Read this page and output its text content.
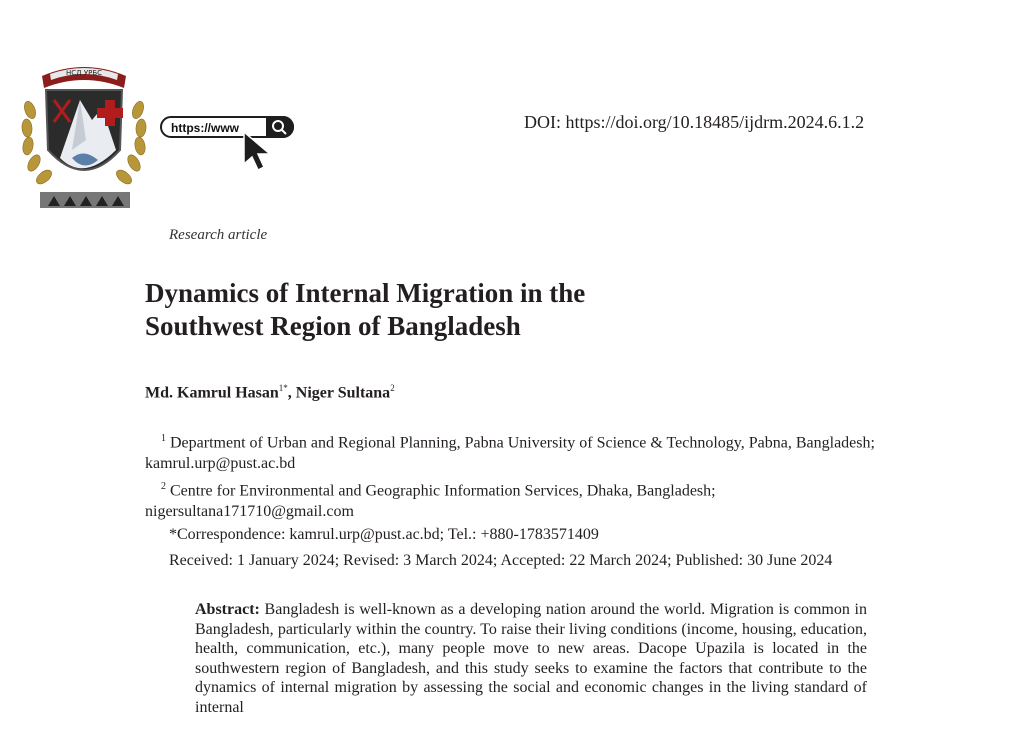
НСД УРБС
https://www	DOI: https://doi.org/10.18485/ijdrm.2024.6.1.2
Research article
Dynamics of Internal Migration in the
Southwest Region of Bangladesh
Md. Kamrul Hasan$^{1*}$, Niger Sultana$^2$
$^1$ Department of Urban and Regional Planning, Pabna University of Science & Technology, Pabna, Bangladesh; kamrul.urp@pust.ac.bd
$^2$ Centre for Environmental and Geographic Information Services, Dhaka, Bangladesh; nigersultana171710@gmail.com
*Correspondence: kamrul.urp@pust.ac.bd; Tel.: +880-1783571409
Received: 1 January 2024; Revised: 3 March 2024; Accepted: 22 March 2024; Published: 30 June 2024
Abstract: Bangladesh is well-known as a developing nation around the world. Migration is common in Bangladesh, particularly within the country. To raise their living conditions (income, housing, education, health, communication, etc.), many people move to new areas. Dacope Upazila is located in the southwestern region of Bangladesh, and this study seeks to examine the factors that contribute to the dynamics of internal migration by assessing the social and economic changes in the living standard of internal
